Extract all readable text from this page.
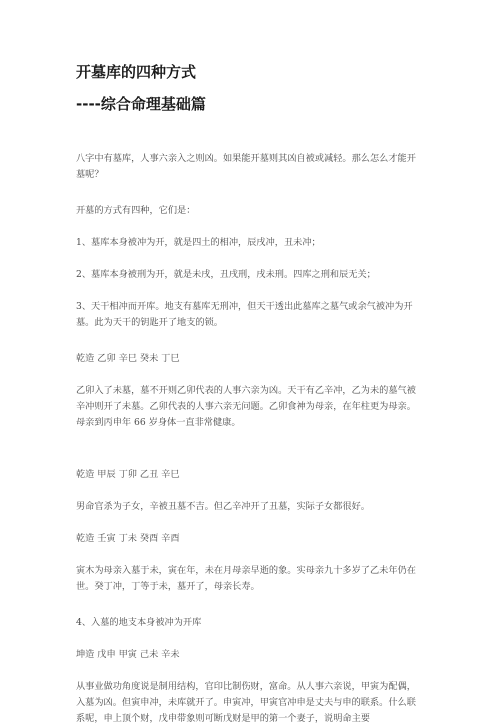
开墓库的四种方式
----综合命理基础篇

八字中有墓库，人事六亲入之则凶。如果能开墓则其凶自被或减轻。那么怎么才能开墓呢？

开墓的方式有四种，它们是：

1、墓库本身被冲为开，就是四土的相冲，辰戌冲，丑未冲；

2、墓库本身被刑为开，就是未戌，丑戌刑，戌未刑。四库之刑和辰无关；

3、天干相冲而开库。地支有墓库无刑冲，但天干透出此墓库之墓气或余气被冲为开墓。此为天干的钥匙开了地支的锁。

乾造 乙卯 辛巳 癸未 丁巳

乙卯入了未墓，墓不开则乙卯代表的人事六亲为凶。天干有乙辛冲，乙为未的墓气被辛冲则开了未墓。乙卯代表的人事六亲无问题。乙卯食神为母亲，在年柱更为母亲。母亲到丙申年 66 岁身体一直非常健康。

乾造 甲辰 丁卯 乙丑 辛巳

男命官杀为子女，辛被丑墓不吉。但乙辛冲开了丑墓，实际子女都很好。

乾造 壬寅 丁未 癸酉 辛酉

寅木为母亲入墓于未，寅在年，未在月母亲早逝的象。实母亲九十多岁了乙未年仍在世。癸丁冲，丁等于未，墓开了，母亲长寿。

4、入墓的地支本身被冲为开库

坤造 戊申 甲寅 己未 辛未

从事业做功角度说是制用结构，官印比制伤财，富命。从人事六亲说，甲寅为配偶，入墓为凶。但寅申冲，未库就开了。申寅冲，甲寅官冲申是丈夫与申的联系。什么联系呢，申上顶个财，戊申带象则可断戊财是甲的第一个妻子，说明命主要
